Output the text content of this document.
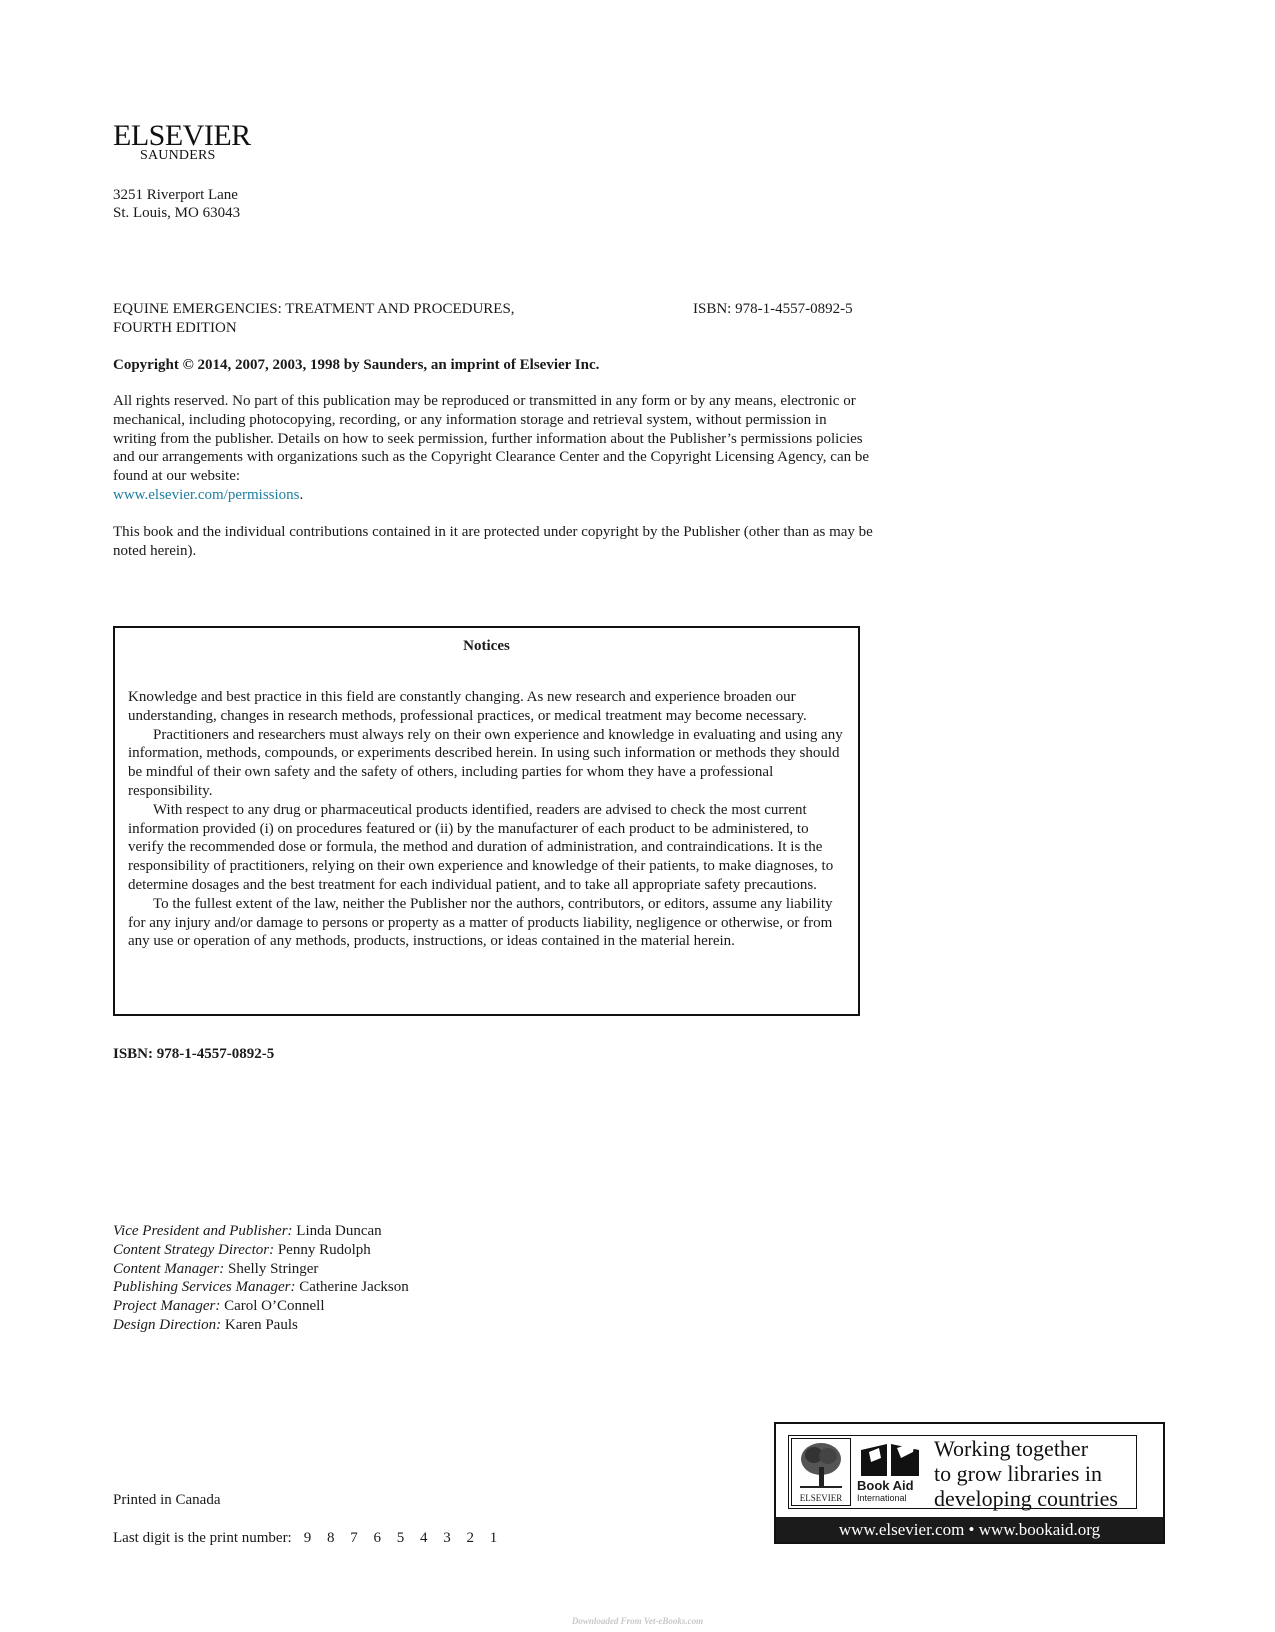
ELSEVIER
SAUNDERS
3251 Riverport Lane
St. Louis, MO 63043
EQUINE EMERGENCIES: TREATMENT AND PROCEDURES,
FOURTH EDITION
ISBN: 978-1-4557-0892-5
Copyright © 2014, 2007, 2003, 1998 by Saunders, an imprint of Elsevier Inc.
All rights reserved. No part of this publication may be reproduced or transmitted in any form or by any means, electronic or mechanical, including photocopying, recording, or any information storage and retrieval system, without permission in writing from the publisher. Details on how to seek permission, further information about the Publisher’s permissions policies and our arrangements with organizations such as the Copyright Clearance Center and the Copyright Licensing Agency, can be found at our website:
www.elsevier.com/permissions.
This book and the individual contributions contained in it are protected under copyright by the Publisher (other than as may be noted herein).
Notices

Knowledge and best practice in this field are constantly changing. As new research and experience broaden our understanding, changes in research methods, professional practices, or medical treatment may become necessary.

Practitioners and researchers must always rely on their own experience and knowledge in evaluating and using any information, methods, compounds, or experiments described herein. In using such information or methods they should be mindful of their own safety and the safety of others, including parties for whom they have a professional responsibility.

With respect to any drug or pharmaceutical products identified, readers are advised to check the most current information provided (i) on procedures featured or (ii) by the manufacturer of each product to be administered, to verify the recommended dose or formula, the method and duration of administration, and contraindications. It is the responsibility of practitioners, relying on their own experience and knowledge of their patients, to make diagnoses, to determine dosages and the best treatment for each individual patient, and to take all appropriate safety precautions.

To the fullest extent of the law, neither the Publisher nor the authors, contributors, or editors, assume any liability for any injury and/or damage to persons or property as a matter of products liability, negligence or otherwise, or from any use or operation of any methods, products, instructions, or ideas contained in the material herein.

ISBN: 978-1-4557-0892-5
Vice President and Publisher: Linda Duncan
Content Strategy Director: Penny Rudolph
Content Manager: Shelly Stringer
Publishing Services Manager: Catherine Jackson
Project Manager: Carol O’Connell
Design Direction: Karen Pauls
Printed in Canada
Last digit is the print number: 9 8 7 6 5 4 3 2 1
ELSEVIER
Book Aid
International
Working together
to grow libraries in
developing countries
www.elsevier.com • www.bookaid.org
Downloaded From Vet-eBooks.com
